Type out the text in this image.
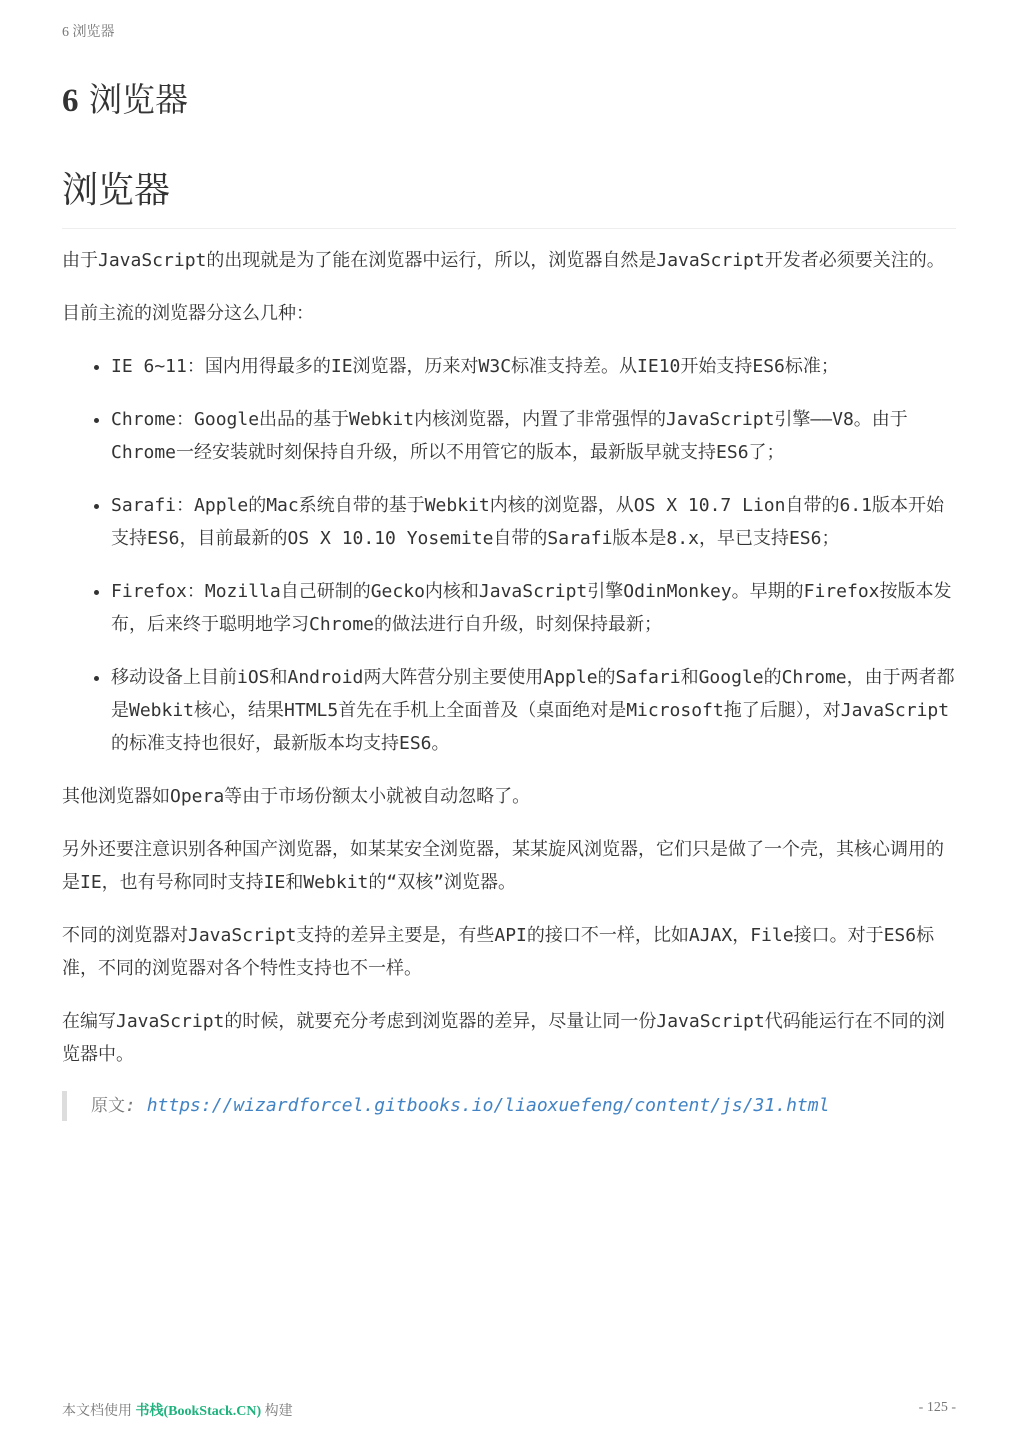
6 浏览器
6 浏览器
浏览器

由于JavaScript的出现就是为了能在浏览器中运行，所以，浏览器自然是JavaScript开发者必须要关注的。

目前主流的浏览器分这么几种：

• IE 6~11：国内用得最多的IE浏览器，历来对W3C标准支持差。从IE10开始支持ES6标准；
• Chrome：Google出品的基于Webkit内核浏览器，内置了非常强悍的JavaScript引擎——V8。由于Chrome一经安装就时刻保持自升级，所以不用管它的版本，最新版早就支持ES6了；
• Sarafi：Apple的Mac系统自带的基于Webkit内核的浏览器，从OS X 10.7 Lion自带的6.1版本开始支持ES6，目前最新的OS X 10.10 Yosemite自带的Sarafi版本是8.x，早已支持ES6；
• Firefox：Mozilla自己研制的Gecko内核和JavaScript引擎OdinMonkey。早期的Firefox按版本发布，后来终于聪明地学习Chrome的做法进行自升级，时刻保持最新；
• 移动设备上目前iOS和Android两大阵营分别主要使用Apple的Safari和Google的Chrome，由于两者都是Webkit核心，结果HTML5首先在手机上全面普及（桌面绝对是Microsoft拖了后腿），对JavaScript的标准支持也很好，最新版本均支持ES6。

其他浏览器如Opera等由于市场份额太小就被自动忽略了。

另外还要注意识别各种国产浏览器，如某某安全浏览器，某某旋风浏览器，它们只是做了一个壳，其核心调用的是IE，也有号称同时支持IE和Webkit的“双核”浏览器。

不同的浏览器对JavaScript支持的差异主要是，有些API的接口不一样，比如AJAX，File接口。对于ES6标准，不同的浏览器对各个特性支持也不一样。

在编写JavaScript的时候，就要充分考虑到浏览器的差异，尽量让同一份JavaScript代码能运行在不同的浏览器中。

原文: https://wizardforcel.gitbooks.io/liaoxuefeng/content/js/31.html
本文档使用 书栈(BookStack.CN) 构建	- 125 -
